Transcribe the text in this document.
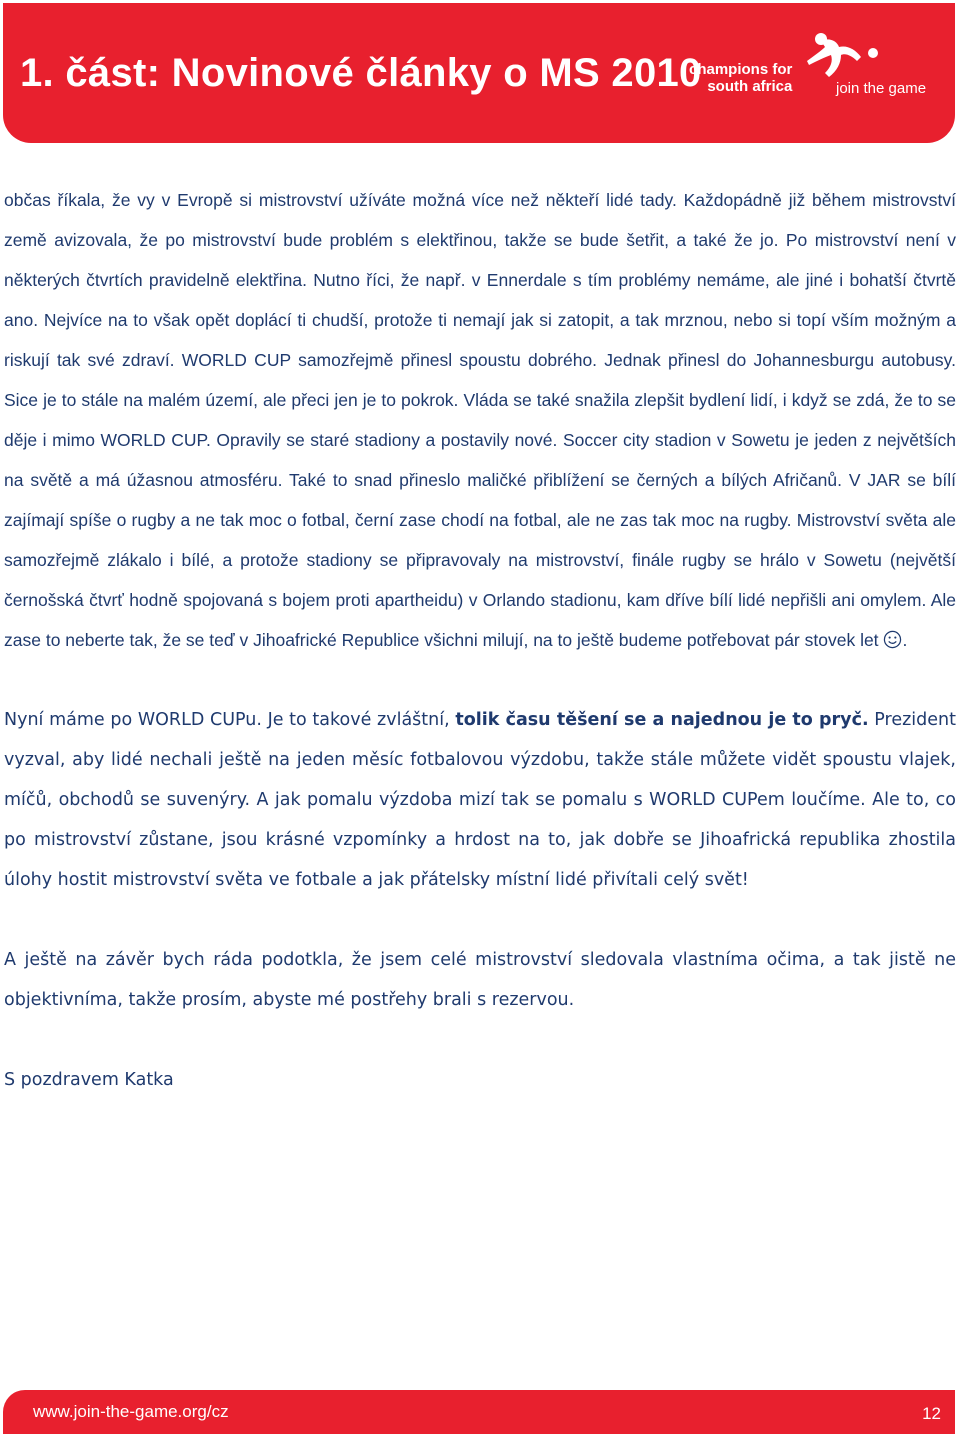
1. část: Novinové články o MS 2010
champions for
south africa	join the game

občas říkala, že vy v Evropě si mistrovství užíváte možná více než někteří lidé tady. Každopádně již během mistrovství země avizovala, že po mistrovství bude problém s elektřinou, takže se bude šetřit, a také že jo. Po mistrovství není v některých čtvrtích pravidelně elektřina. Nutno říci, že např. v Ennerdale s tím problémy nemáme, ale jiné i bohatší čtvrtě ano. Nejvíce na to však opět doplácí ti chudší, protože ti nemají jak si zatopit, a tak mrznou, nebo si topí vším možným a riskují tak své zdraví. WORLD CUP samozřejmě přinesl spoustu dobrého. Jednak přinesl do Johannesburgu autobusy. Sice je to stále na malém území, ale přeci jen je to pokrok. Vláda se také snažila zlepšit bydlení lidí, i když se zdá, že to se děje i mimo WORLD CUP. Opravily se staré stadiony a postavily nové. Soccer city stadion v Sowetu je jeden z největších na světě a má úžasnou atmosféru. Také to snad přineslo maličké přiblížení se černých a bílých Afričanů. V JAR se bílí zajímají spíše o rugby a ne tak moc o fotbal, černí zase chodí na fotbal, ale ne zas tak moc na rugby. Mistrovství světa ale samozřejmě zlákalo i bílé, a protože stadiony se připravovaly na mistrovství, finále rugby se hrálo v Sowetu (největší černošská čtvrť hodně spojovaná s bojem proti apartheidu) v Orlando stadionu, kam dříve bílí lidé nepřišli ani omylem. Ale zase to neberte tak, že se teď v Jihoafrické Republice všichni milují, na to ještě budeme potřebovat pár stovek let .

Nyní máme po WORLD CUPu. Je to takové zvláštní, tolik času těšení se a najednou je to pryč. Prezident vyzval, aby lidé nechali ještě na jeden měsíc fotbalovou výzdobu, takže stále můžete vidět spoustu vlajek, míčů, obchodů se suvenýry. A jak pomalu výzdoba mizí tak se pomalu s WORLD CUPem loučíme. Ale to, co po mistrovství zůstane, jsou krásné vzpomínky a hrdost na to, jak dobře se Jihoafrická republika zhostila úlohy hostit mistrovství světa ve fotbale a jak přátelsky místní lidé přivítali celý svět!

A ještě na závěr bych ráda podotkla, že jsem celé mistrovství sledovala vlastníma očima, a tak jistě ne objektivníma, takže prosím, abyste mé postřehy brali s rezervou.

S pozdravem Katka

www.join-the-game.org/cz	12
